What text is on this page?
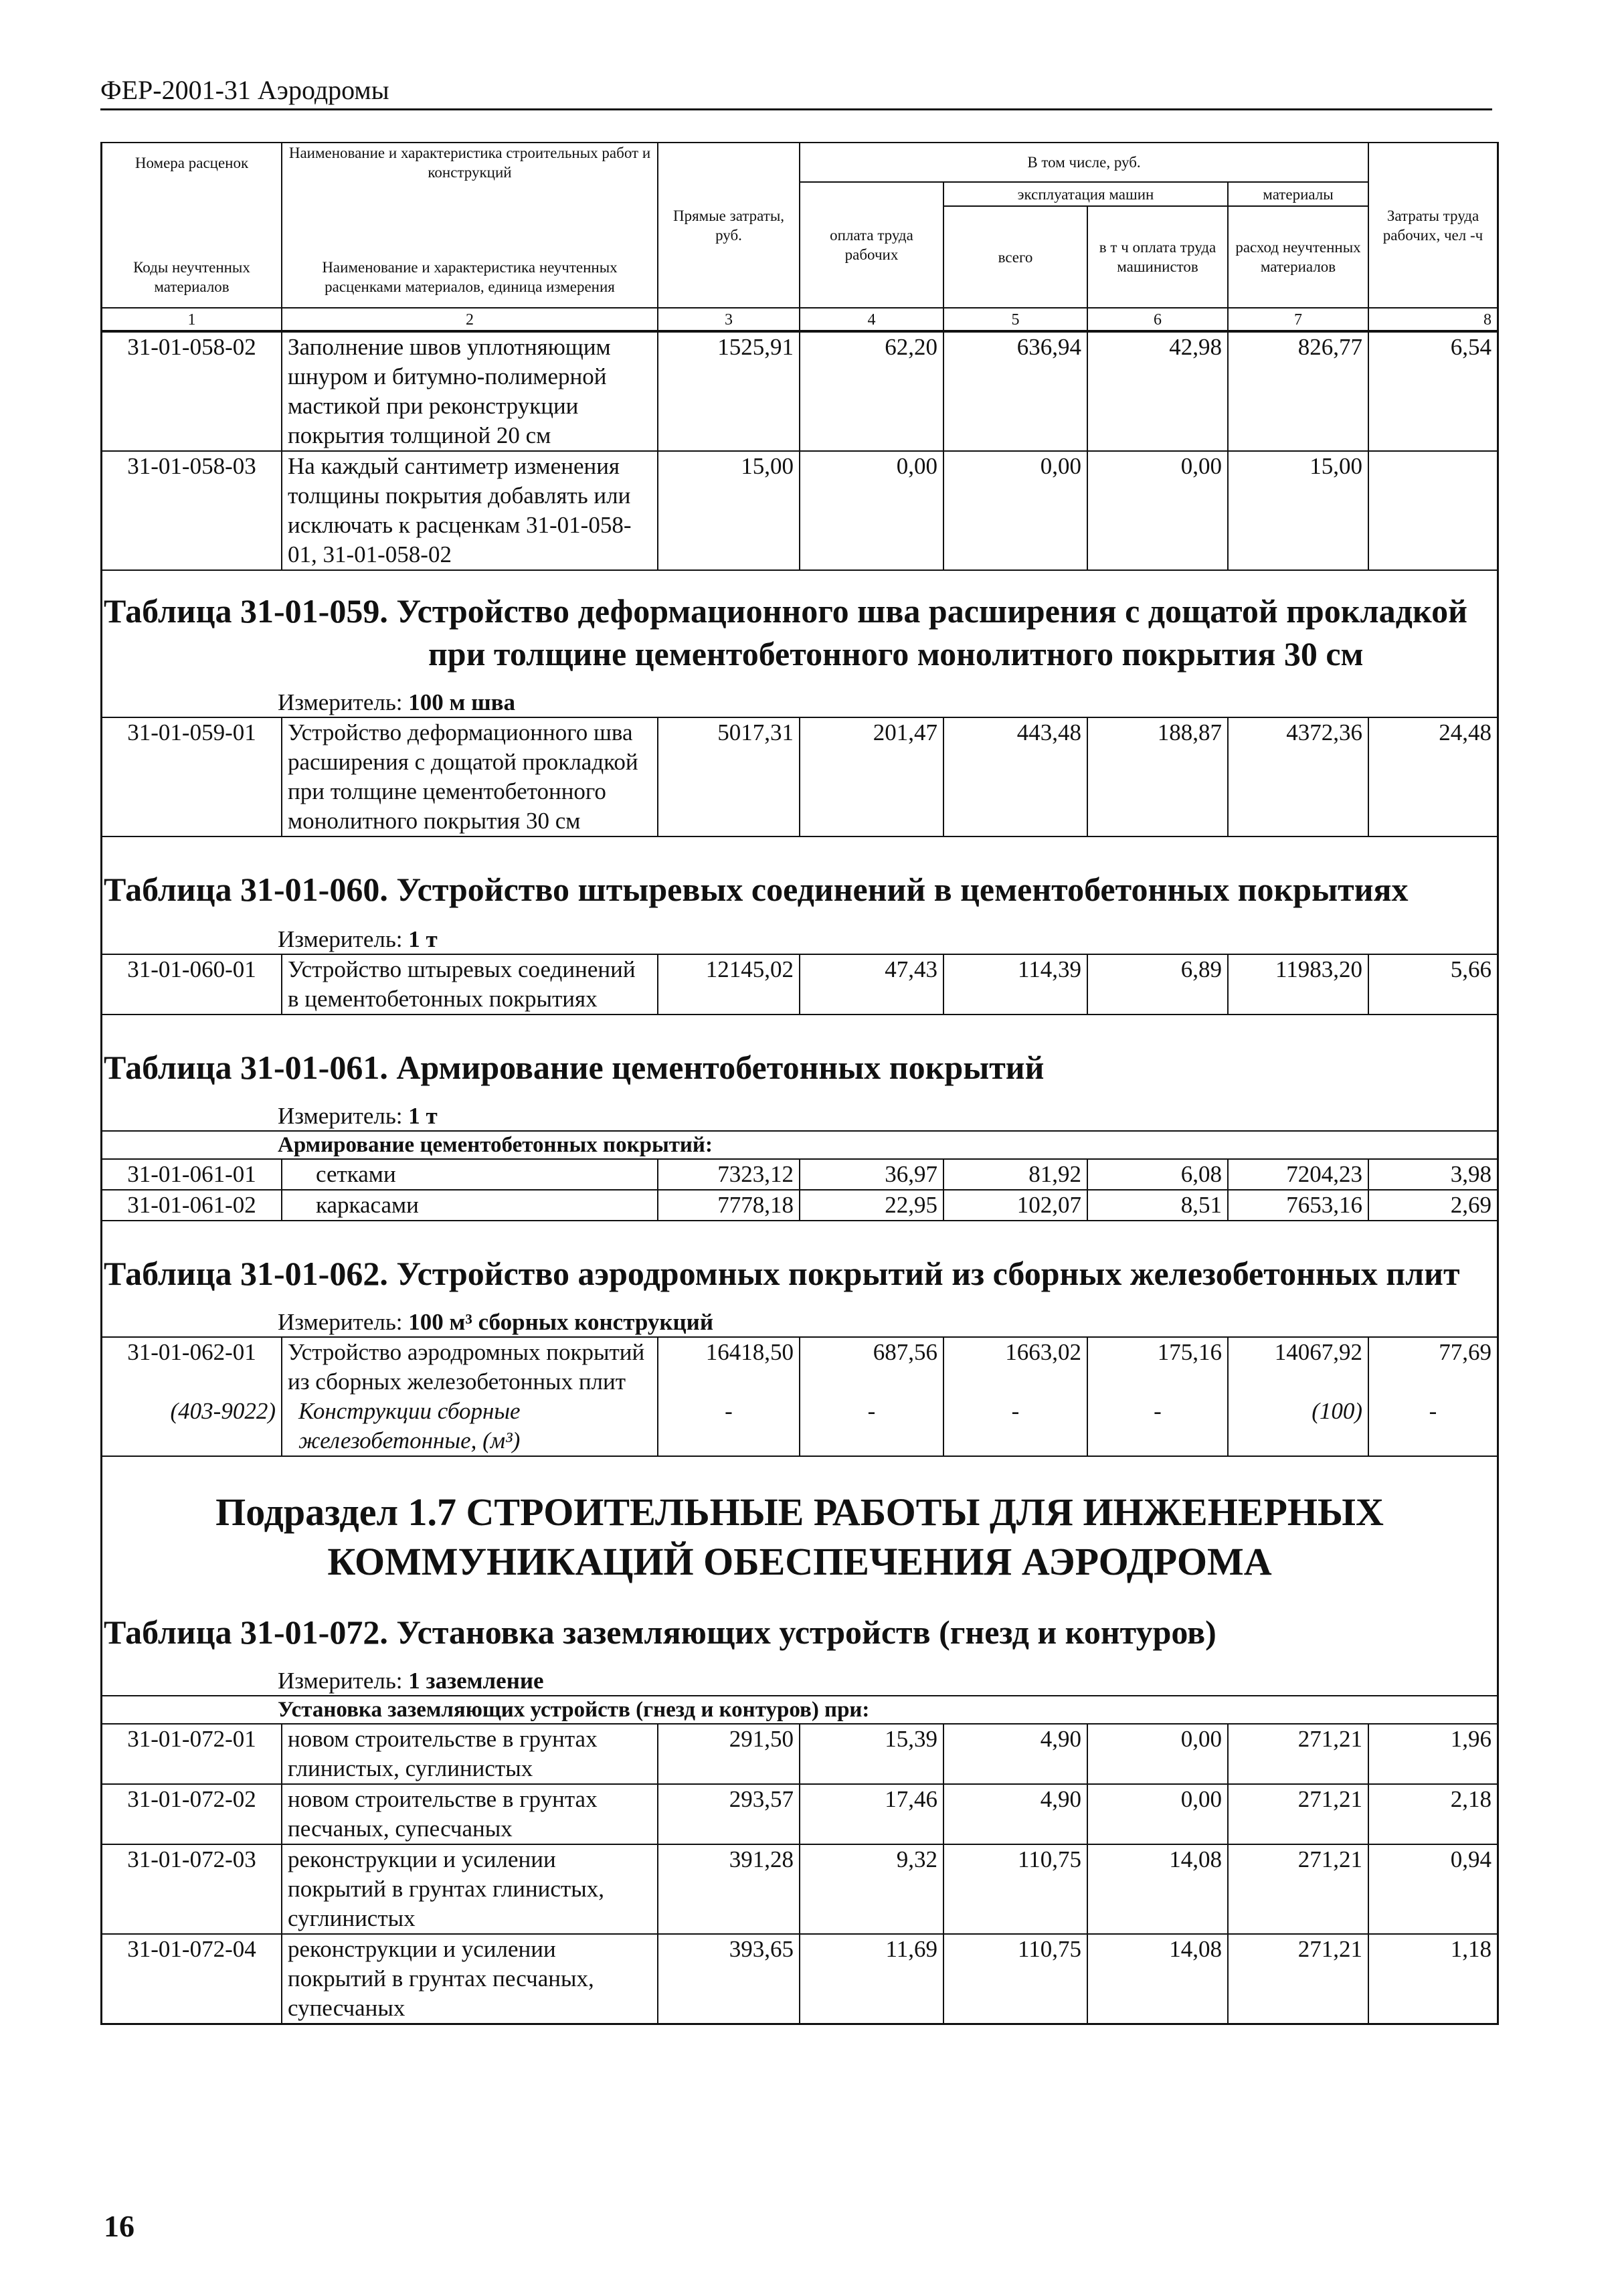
ФЕР-2001-31 Аэродромы
Номера расценок	Наименование и характеристика строительных работ и конструкций	Прямые затраты, руб.	В том числе, руб.				Затраты труда рабочих, чел -ч
Коды неучтенных материалов	Наименование и характеристика неучтенных расценками материалов, единица измерения		оплата труда рабочих	эксплуатация машин		материалы	
				всего	в т ч оплата труда машинистов	расход неучтенных материалов	
1	2	3	4	5	6	7	8
31-01-058-02	Заполнение швов уплотняющим шнуром и битумно-полимерной мастикой при реконструкции покрытия толщиной 20 см	1525,91	62,20	636,94	42,98	826,77	6,54
31-01-058-03	На каждый сантиметр изменения толщины покрытия добавлять или исключать к расценкам 31-01-058-01, 31-01-058-02	15,00	0,00	0,00	0,00	15,00	
Таблица 31-01-059. Устройство деформационного шва расширения с дощатой прокладкой
при толщине цементобетонного монолитного покрытия 30 см
Измеритель: 100 м шва
31-01-059-01	Устройство деформационного шва расширения с дощатой прокладкой при толщине цементобетонного монолитного покрытия 30 см	5017,31	201,47	443,48	188,87	4372,36	24,48
Таблица 31-01-060. Устройство штыревых соединений в цементобетонных покрытиях
Измеритель: 1 т
31-01-060-01	Устройство штыревых соединений в цементобетонных покрытиях	12145,02	47,43	114,39	6,89	11983,20	5,66
Таблица 31-01-061. Армирование цементобетонных покрытий
Измеритель: 1 т
Армирование цементобетонных покрытий:
31-01-061-01	сетками	7323,12	36,97	81,92	6,08	7204,23	3,98
31-01-061-02	каркасами	7778,18	22,95	102,07	8,51	7653,16	2,69
Таблица 31-01-062. Устройство аэродромных покрытий из сборных железобетонных плит
Измеритель: 100 м³ сборных конструкций
31-01-062-01	Устройство аэродромных покрытий из сборных железобетонных плит	16418,50	687,56	1663,02	175,16	14067,92	77,69
(403-9022)	Конструкции сборные железобетонные, (м³)	-	-	-	-	(100)	-
Подраздел 1.7 СТРОИТЕЛЬНЫЕ РАБОТЫ ДЛЯ ИНЖЕНЕРНЫХ КОММУНИКАЦИЙ ОБЕСПЕЧЕНИЯ АЭРОДРОМА
Таблица 31-01-072. Установка заземляющих устройств (гнезд и контуров)
Измеритель: 1 заземление
Установка заземляющих устройств (гнезд и контуров) при:
31-01-072-01	новом строительстве в грунтах глинистых, суглинистых	291,50	15,39	4,90	0,00	271,21	1,96
31-01-072-02	новом строительстве в грунтах песчаных, супесчаных	293,57	17,46	4,90	0,00	271,21	2,18
31-01-072-03	реконструкции и усилении покрытий в грунтах глинистых, суглинистых	391,28	9,32	110,75	14,08	271,21	0,94
31-01-072-04	реконструкции и усилении покрытий в грунтах песчаных, супесчаных	393,65	11,69	110,75	14,08	271,21	1,18
16
